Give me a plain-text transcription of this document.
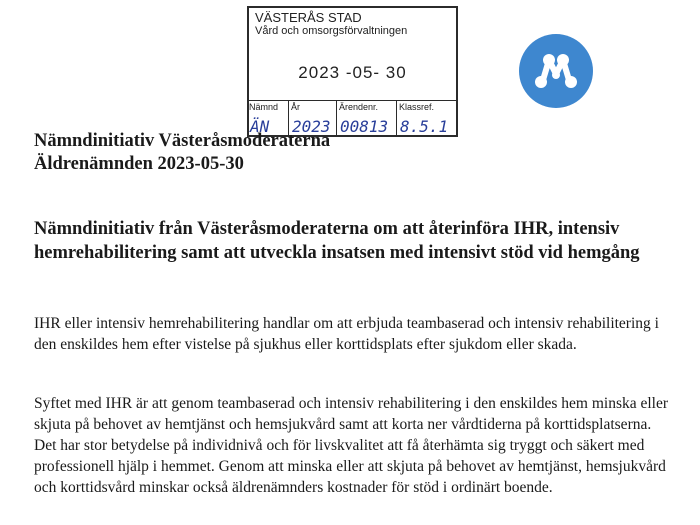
VÄSTERÅS STAD
Vård och omsorgsförvaltningen
2023 -05- 30
Nämnd
ÄN
År
2023
Ärendenr.
00813
Klassref.
8.5.1
Nämndinitiativ Västeråsmoderaterna
Äldrenämnden 2023-05-30
Nämndinitiativ från Västeråsmoderaterna om att återinföra IHR, intensiv hemrehabilitering samt att utveckla insatsen med intensivt stöd vid hemgång

IHR eller intensiv hemrehabilitering handlar om att erbjuda teambaserad och intensiv rehabilitering i den enskildes hem efter vistelse på sjukhus eller korttidsplats efter sjukdom eller skada.

Syftet med IHR är att genom teambaserad och intensiv rehabilitering i den enskildes hem minska eller skjuta på behovet av hemtjänst och hemsjukvård samt att korta ner vårdtiderna på korttidsplatserna. Det har stor betydelse på individnivå och för livskvalitet att få återhämta sig tryggt och säkert med professionell hjälp i hemmet. Genom att minska eller att skjuta på behovet av hemtjänst, hemsjukvård och korttidsvård minskar också äldrenämnders kostnader för stöd i ordinärt boende.
